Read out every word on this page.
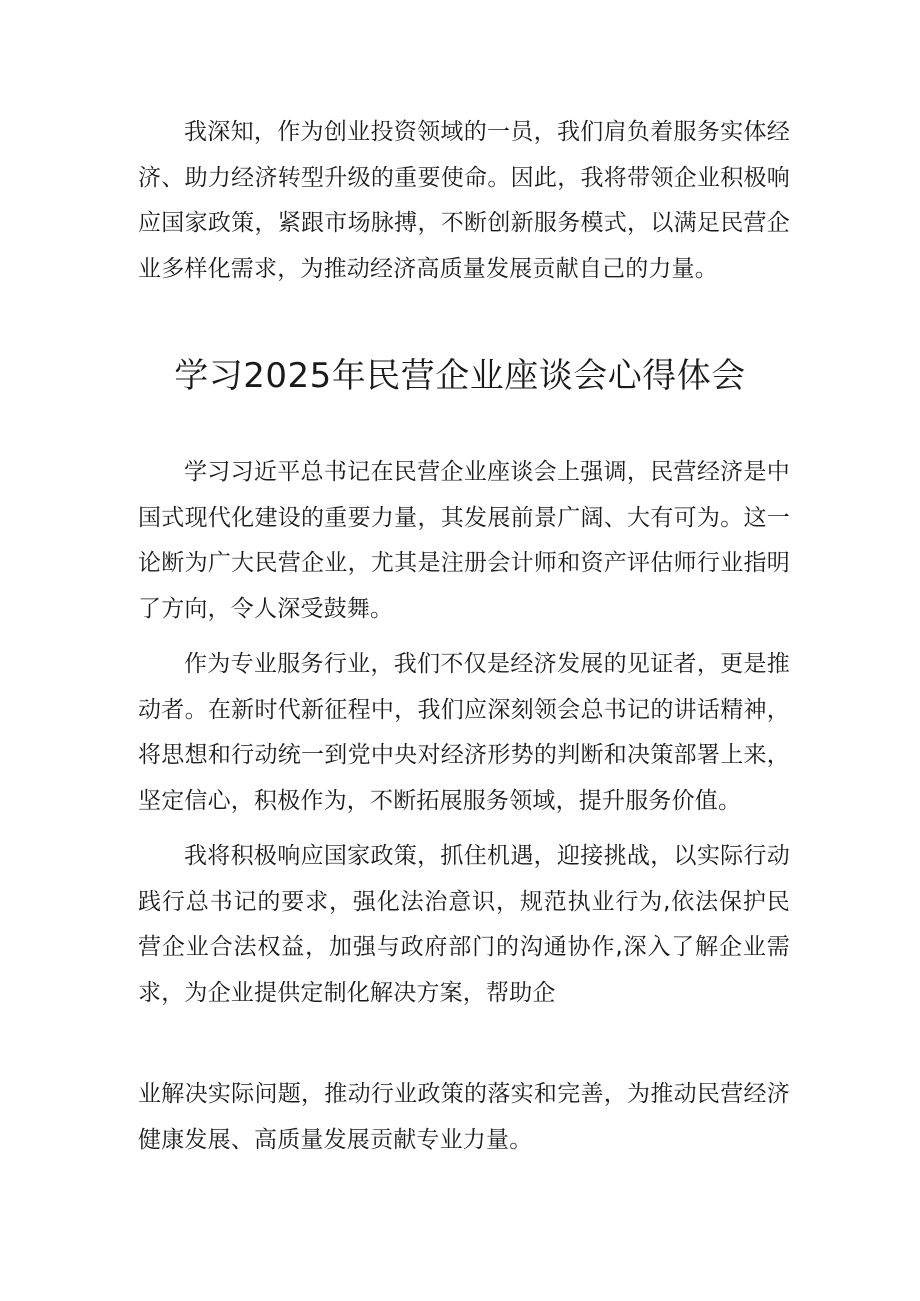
我深知，作为创业投资领域的一员，我们肩负着服务实体经济、助力经济转型升级的重要使命。因此，我将带领企业积极响应国家政策，紧跟市场脉搏，不断创新服务模式，以满足民营企业多样化需求，为推动经济高质量发展贡献自己的力量。

学习2025年民营企业座谈会心得体会

学习习近平总书记在民营企业座谈会上强调，民营经济是中国式现代化建设的重要力量，其发展前景广阔、大有可为。这一论断为广大民营企业，尤其是注册会计师和资产评估师行业指明了方向，令人深受鼓舞。

作为专业服务行业，我们不仅是经济发展的见证者，更是推动者。在新时代新征程中，我们应深刻领会总书记的讲话精神，将思想和行动统一到党中央对经济形势的判断和决策部署上来，坚定信心，积极作为，不断拓展服务领域，提升服务价值。

我将积极响应国家政策，抓住机遇，迎接挑战，以实际行动践行总书记的要求，强化法治意识，规范执业行为,依法保护民营企业合法权益，加强与政府部门的沟通协作,深入了解企业需求，为企业提供定制化解决方案，帮助企

业解决实际问题，推动行业政策的落实和完善，为推动民营经济健康发展、高质量发展贡献专业力量。
